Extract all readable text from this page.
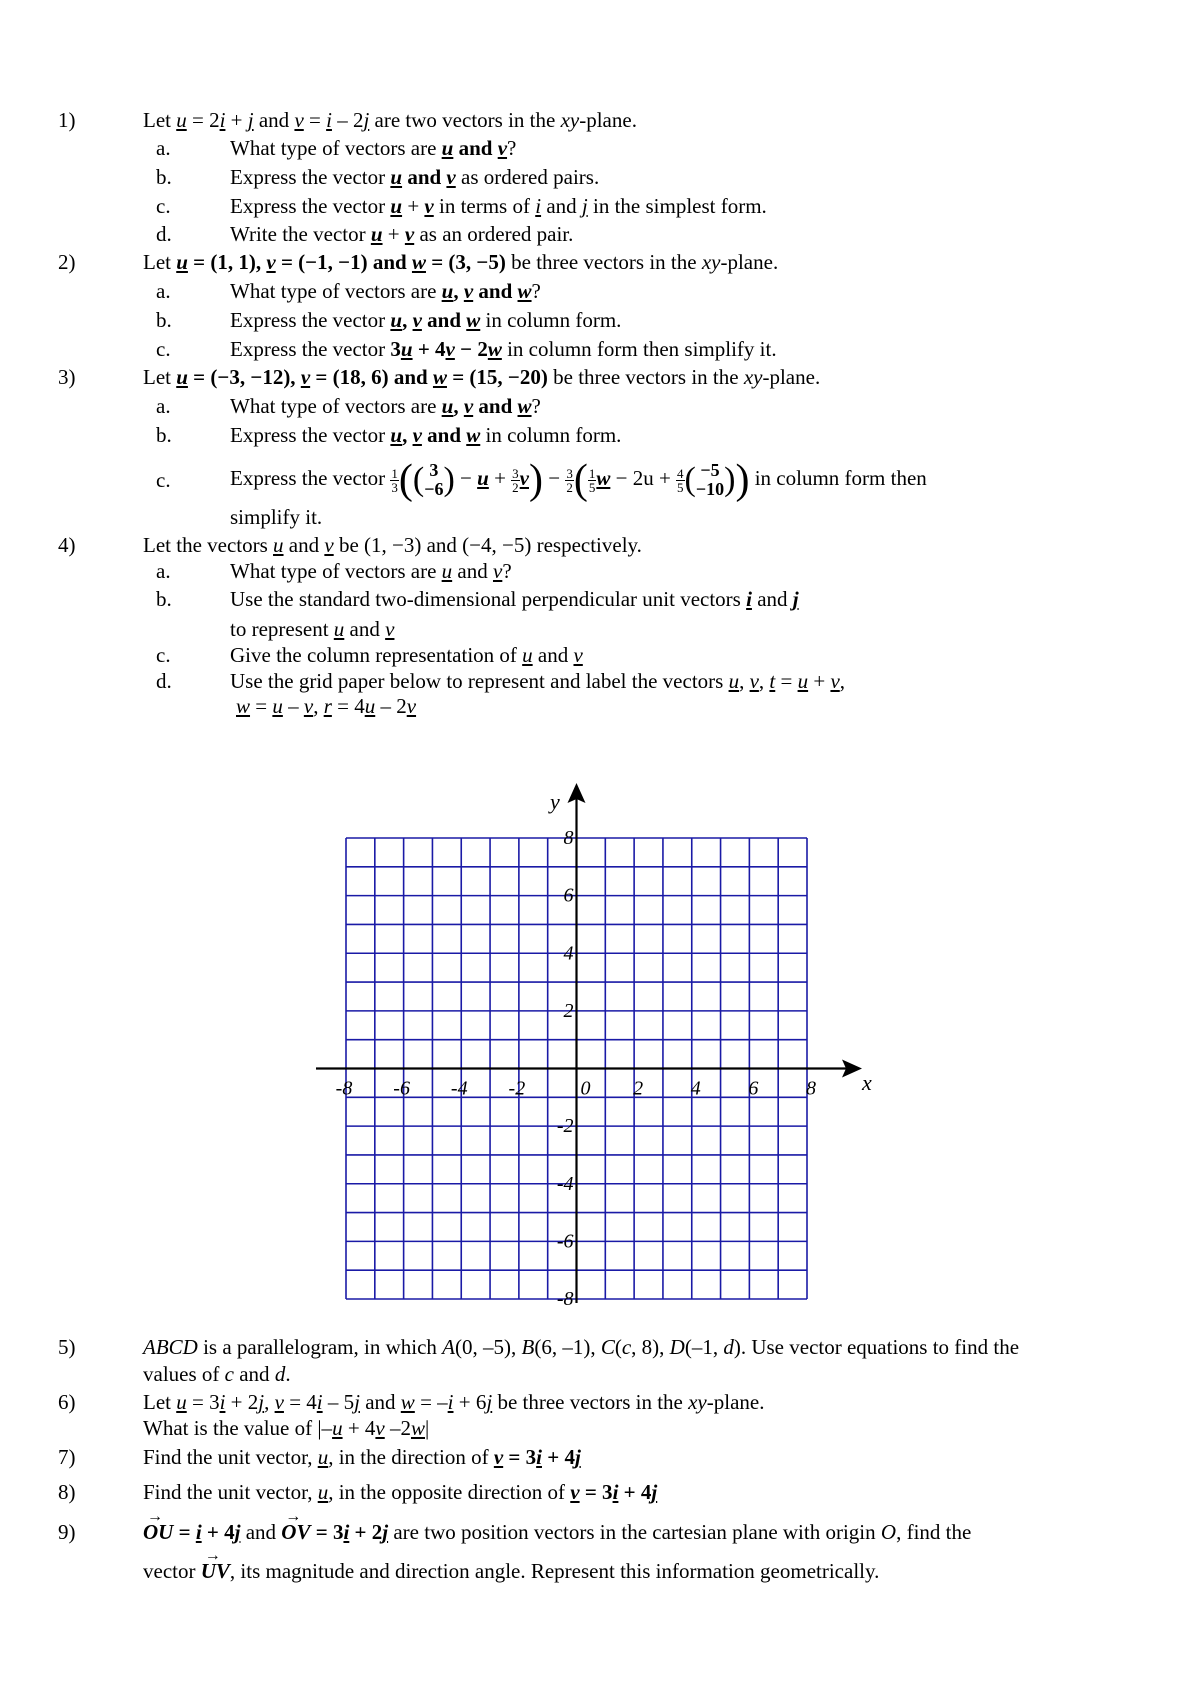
1)	Let u = 2i + j and v = i – 2j are two vectors in the xy-plane.
a.	What type of vectors are u and v?
b.	Express the vector u and v as ordered pairs.
c.	Express the vector u + v in terms of i and j in the simplest form.
d.	Write the vector u + v as an ordered pair.
2)	Let u = (1, 1), v = (−1, −1) and w = (3, −5) be three vectors in the xy-plane.
a.	What type of vectors are u, v and w?
b.	Express the vector u, v and w in column form.
c.	Express the vector 3u + 4v − 2w in column form then simplify it.
3)	Let u = (−3, −12), v = (18, 6) and w = (15, −20) be three vectors in the xy-plane.
a.	What type of vectors are u, v and w?
b.	Express the vector u, v and w in column form.
c.	Express the vector $\frac{1}{3}$ (( 3
−6 ) − $u + \frac{3}{2} v) - \frac{3}{2}$ ( $\frac{1}{5}$ $w - 2u + \frac{4}{5}$ ( −5
−10 )) in column form then
simplify it.
4)	Let the vectors u and v be (1, −3) and (−4, −5) respectively.
a.	What type of vectors are u and v?
b.	Use the standard two-dimensional perpendicular unit vectors i and j
to represent u and v
c.	Give the column representation of u and v
d.	Use the grid paper below to represent and label the vectors u, v, t = u + v,
w = u – v, r = 4u – 2v
-8 -6 -4 -2	0 2 4 6 8
8
6
4
2
-2
-4
-6
-8
x
y
5)	ABCD is a parallelogram, in which A(0, –5), B(6, –1), C(c, 8), D(–1, d). Use vector equations to find the
values of c and d.
6)	Let u = 3i + 2j, v = 4i – 5j and w = –i + 6j be three vectors in the xy-plane.
What is the value of |–u + 4v –2w|
7)	Find the unit vector, u, in the direction of v = 3i + 4j
8)	Find the unit vector, u, in the opposite direction of v = 3i + 4j
9)
→	OU = i + 4j and → OV = 3i + 2j are two position vectors in the cartesian plane with origin O, find the
vector → UV, its magnitude and direction angle. Represent this information geometrically.
